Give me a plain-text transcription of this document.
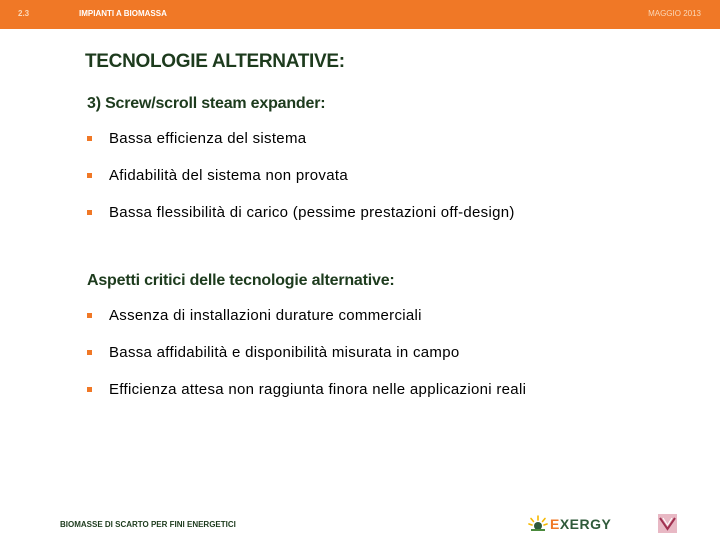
2.3	IMPIANTI A BIOMASSA	MAGGIO 2013
TECNOLOGIE ALTERNATIVE:
3) Screw/scroll steam expander:
Bassa efficienza del sistema
Afidabilità del sistema non provata
Bassa flessibilità di carico (pessime prestazioni off-design)
Aspetti critici delle tecnologie alternative:
Assenza di installazioni durature commerciali
Bassa affidabilità e disponibilità misurata in campo
Efficienza attesa non raggiunta finora nelle applicazioni reali
BIOMASSE DI SCARTO PER FINI ENERGETICI	EXERGY
